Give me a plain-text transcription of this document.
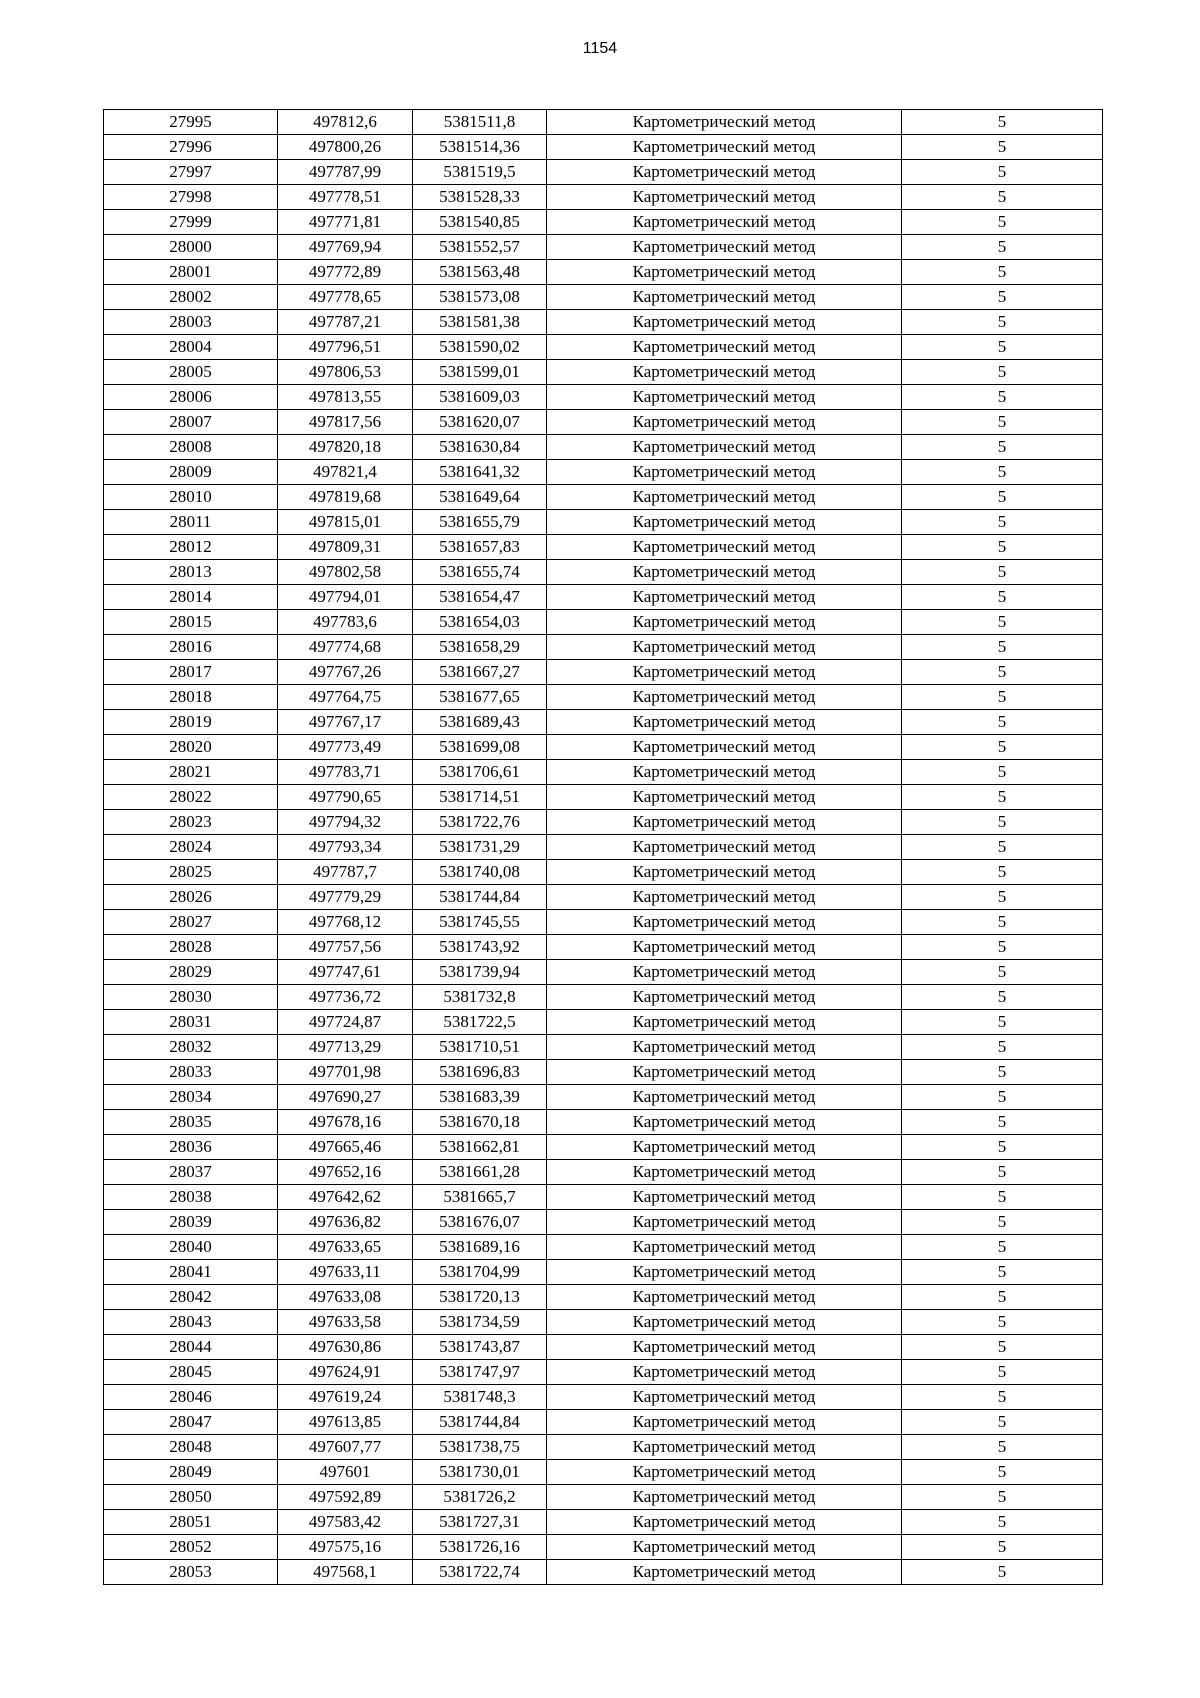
1154
27995	497812,6	5381511,8	Картометрический метод	5
27996	497800,26	5381514,36	Картометрический метод	5
27997	497787,99	5381519,5	Картометрический метод	5
27998	497778,51	5381528,33	Картометрический метод	5
27999	497771,81	5381540,85	Картометрический метод	5
28000	497769,94	5381552,57	Картометрический метод	5
28001	497772,89	5381563,48	Картометрический метод	5
28002	497778,65	5381573,08	Картометрический метод	5
28003	497787,21	5381581,38	Картометрический метод	5
28004	497796,51	5381590,02	Картометрический метод	5
28005	497806,53	5381599,01	Картометрический метод	5
28006	497813,55	5381609,03	Картометрический метод	5
28007	497817,56	5381620,07	Картометрический метод	5
28008	497820,18	5381630,84	Картометрический метод	5
28009	497821,4	5381641,32	Картометрический метод	5
28010	497819,68	5381649,64	Картометрический метод	5
28011	497815,01	5381655,79	Картометрический метод	5
28012	497809,31	5381657,83	Картометрический метод	5
28013	497802,58	5381655,74	Картометрический метод	5
28014	497794,01	5381654,47	Картометрический метод	5
28015	497783,6	5381654,03	Картометрический метод	5
28016	497774,68	5381658,29	Картометрический метод	5
28017	497767,26	5381667,27	Картометрический метод	5
28018	497764,75	5381677,65	Картометрический метод	5
28019	497767,17	5381689,43	Картометрический метод	5
28020	497773,49	5381699,08	Картометрический метод	5
28021	497783,71	5381706,61	Картометрический метод	5
28022	497790,65	5381714,51	Картометрический метод	5
28023	497794,32	5381722,76	Картометрический метод	5
28024	497793,34	5381731,29	Картометрический метод	5
28025	497787,7	5381740,08	Картометрический метод	5
28026	497779,29	5381744,84	Картометрический метод	5
28027	497768,12	5381745,55	Картометрический метод	5
28028	497757,56	5381743,92	Картометрический метод	5
28029	497747,61	5381739,94	Картометрический метод	5
28030	497736,72	5381732,8	Картометрический метод	5
28031	497724,87	5381722,5	Картометрический метод	5
28032	497713,29	5381710,51	Картометрический метод	5
28033	497701,98	5381696,83	Картометрический метод	5
28034	497690,27	5381683,39	Картометрический метод	5
28035	497678,16	5381670,18	Картометрический метод	5
28036	497665,46	5381662,81	Картометрический метод	5
28037	497652,16	5381661,28	Картометрический метод	5
28038	497642,62	5381665,7	Картометрический метод	5
28039	497636,82	5381676,07	Картометрический метод	5
28040	497633,65	5381689,16	Картометрический метод	5
28041	497633,11	5381704,99	Картометрический метод	5
28042	497633,08	5381720,13	Картометрический метод	5
28043	497633,58	5381734,59	Картометрический метод	5
28044	497630,86	5381743,87	Картометрический метод	5
28045	497624,91	5381747,97	Картометрический метод	5
28046	497619,24	5381748,3	Картометрический метод	5
28047	497613,85	5381744,84	Картометрический метод	5
28048	497607,77	5381738,75	Картометрический метод	5
28049	497601	5381730,01	Картометрический метод	5
28050	497592,89	5381726,2	Картометрический метод	5
28051	497583,42	5381727,31	Картометрический метод	5
28052	497575,16	5381726,16	Картометрический метод	5
28053	497568,1	5381722,74	Картометрический метод	5
